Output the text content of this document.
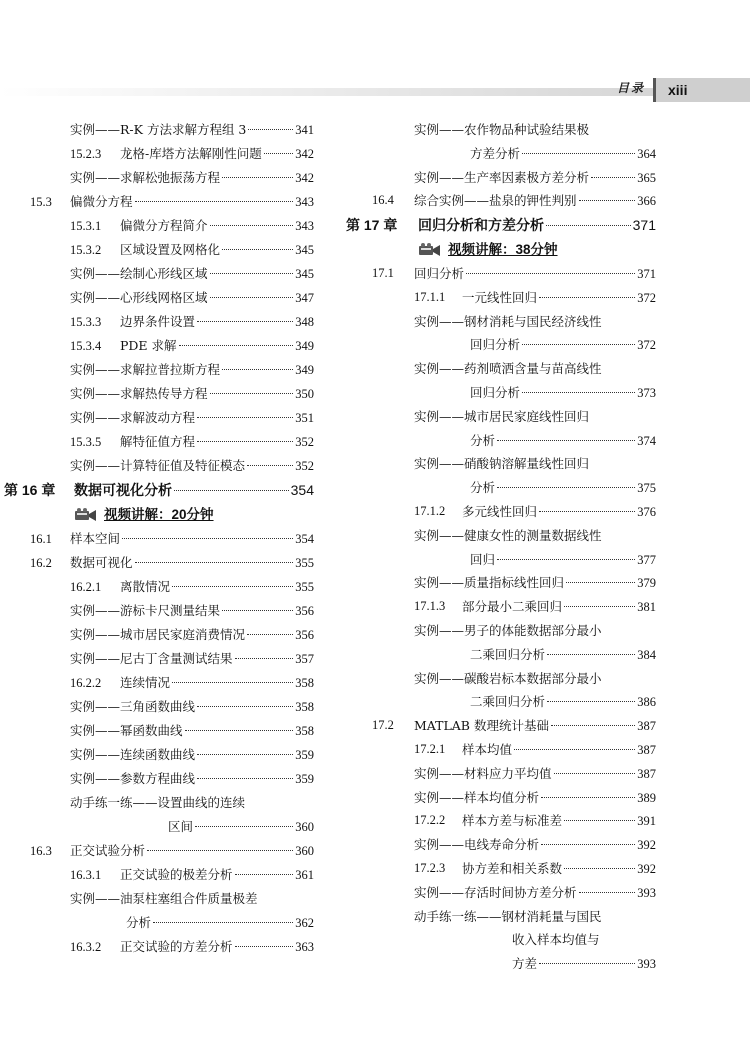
目录 xiii
实例——R-K 方法求解方程组 3	341
15.2.3 龙格-库塔方法解刚性问题	342
实例——求解松弛振荡方程	342
15.3 偏微分方程	343
15.3.1 偏微分方程简介	343
15.3.2 区域设置及网格化	345
实例——绘制心形线区域	345
实例——心形线网格区域	347
15.3.3 边界条件设置	348
15.3.4 PDE 求解	349
实例——求解拉普拉斯方程	349
实例——求解热传导方程	350
实例——求解波动方程	351
15.3.5 解特征值方程	352
实例——计算特征值及特征模态	352
第 16 章 数据可视化分析	354
视频讲解：20分钟
16.1 样本空间	354
16.2 数据可视化	355
16.2.1 离散情况	355
实例——游标卡尺测量结果	356
实例——城市居民家庭消费情况	356
实例——尼古丁含量测试结果	357
16.2.2 连续情况	358
实例——三角函数曲线	358
实例——幂函数曲线	358
实例——连续函数曲线	359
实例——参数方程曲线	359
动手练一练——设置曲线的连续
区间	360
16.3 正交试验分析	360
16.3.1 正交试验的极差分析	361
实例——油泵柱塞组合件质量极差
分析	362
16.3.2 正交试验的方差分析	363
实例——农作物品种试验结果极
方差分析	364
实例——生产率因素极方差分析	365
16.4 综合实例——盐泉的钾性判别	366
第 17 章 回归分析和方差分析	371
视频讲解：38分钟
17.1 回归分析	371
17.1.1 一元线性回归	372
实例——钢材消耗与国民经济线性
回归分析	372
实例——药剂喷洒含量与苗高线性
回归分析	373
实例——城市居民家庭线性回归
分析	374
实例——硝酸钠溶解量线性回归
分析	375
17.1.2 多元线性回归	376
实例——健康女性的测量数据线性
回归	377
实例——质量指标线性回归	379
17.1.3 部分最小二乘回归	381
实例——男子的体能数据部分最小
二乘回归分析	384
实例——碳酸岩标本数据部分最小
二乘回归分析	386
17.2 MATLAB 数理统计基础	387
17.2.1 样本均值	387
实例——材料应力平均值	387
实例——样本均值分析	389
17.2.2 样本方差与标准差	391
实例——电线寿命分析	392
17.2.3 协方差和相关系数	392
实例——存活时间协方差分析	393
动手练一练——钢材消耗量与国民
收入样本均值与
方差	393
